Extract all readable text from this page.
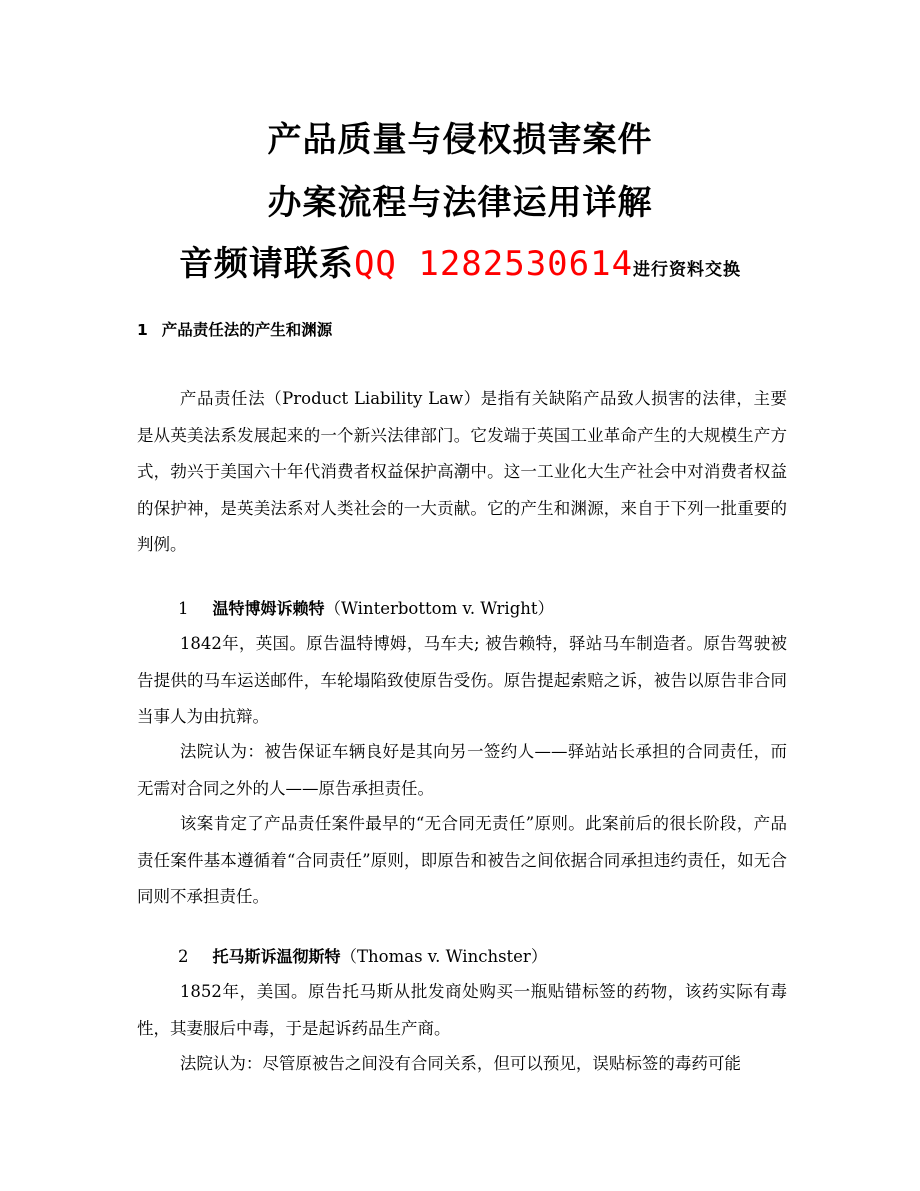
产品质量与侵权损害案件
办案流程与法律运用详解
音频请联系QQ 1282530614进行资料交换
1 产品责任法的产生和渊源

产品责任法（Product Liability Law）是指有关缺陷产品致人损害的法律，主要是从英美法系发展起来的一个新兴法律部门。它发端于英国工业革命产生的大规模生产方式，勃兴于美国六十年代消费者权益保护高潮中。这一工业化大生产社会中对消费者权益的保护神，是英美法系对人类社会的一大贡献。它的产生和渊源，来自于下列一批重要的判例。

1 温特博姆诉赖特（Winterbottom v. Wright）

1842年，英国。原告温特博姆，马车夫; 被告赖特，驿站马车制造者。原告驾驶被告提供的马车运送邮件，车轮塌陷致使原告受伤。原告提起索赔之诉，被告以原告非合同当事人为由抗辩。

法院认为：被告保证车辆良好是其向另一签约人——驿站站长承担的合同责任，而无需对合同之外的人——原告承担责任。

该案肯定了产品责任案件最早的“无合同无责任”原则。此案前后的很长阶段，产品责任案件基本遵循着“合同责任”原则，即原告和被告之间依据合同承担违约责任，如无合同则不承担责任。

2 托马斯诉温彻斯特（Thomas v. Winchster）

1852年，美国。原告托马斯从批发商处购买一瓶贴错标签的药物，该药实际有毒性，其妻服后中毒，于是起诉药品生产商。

法院认为：尽管原被告之间没有合同关系，但可以预见，误贴标签的毒药可能
